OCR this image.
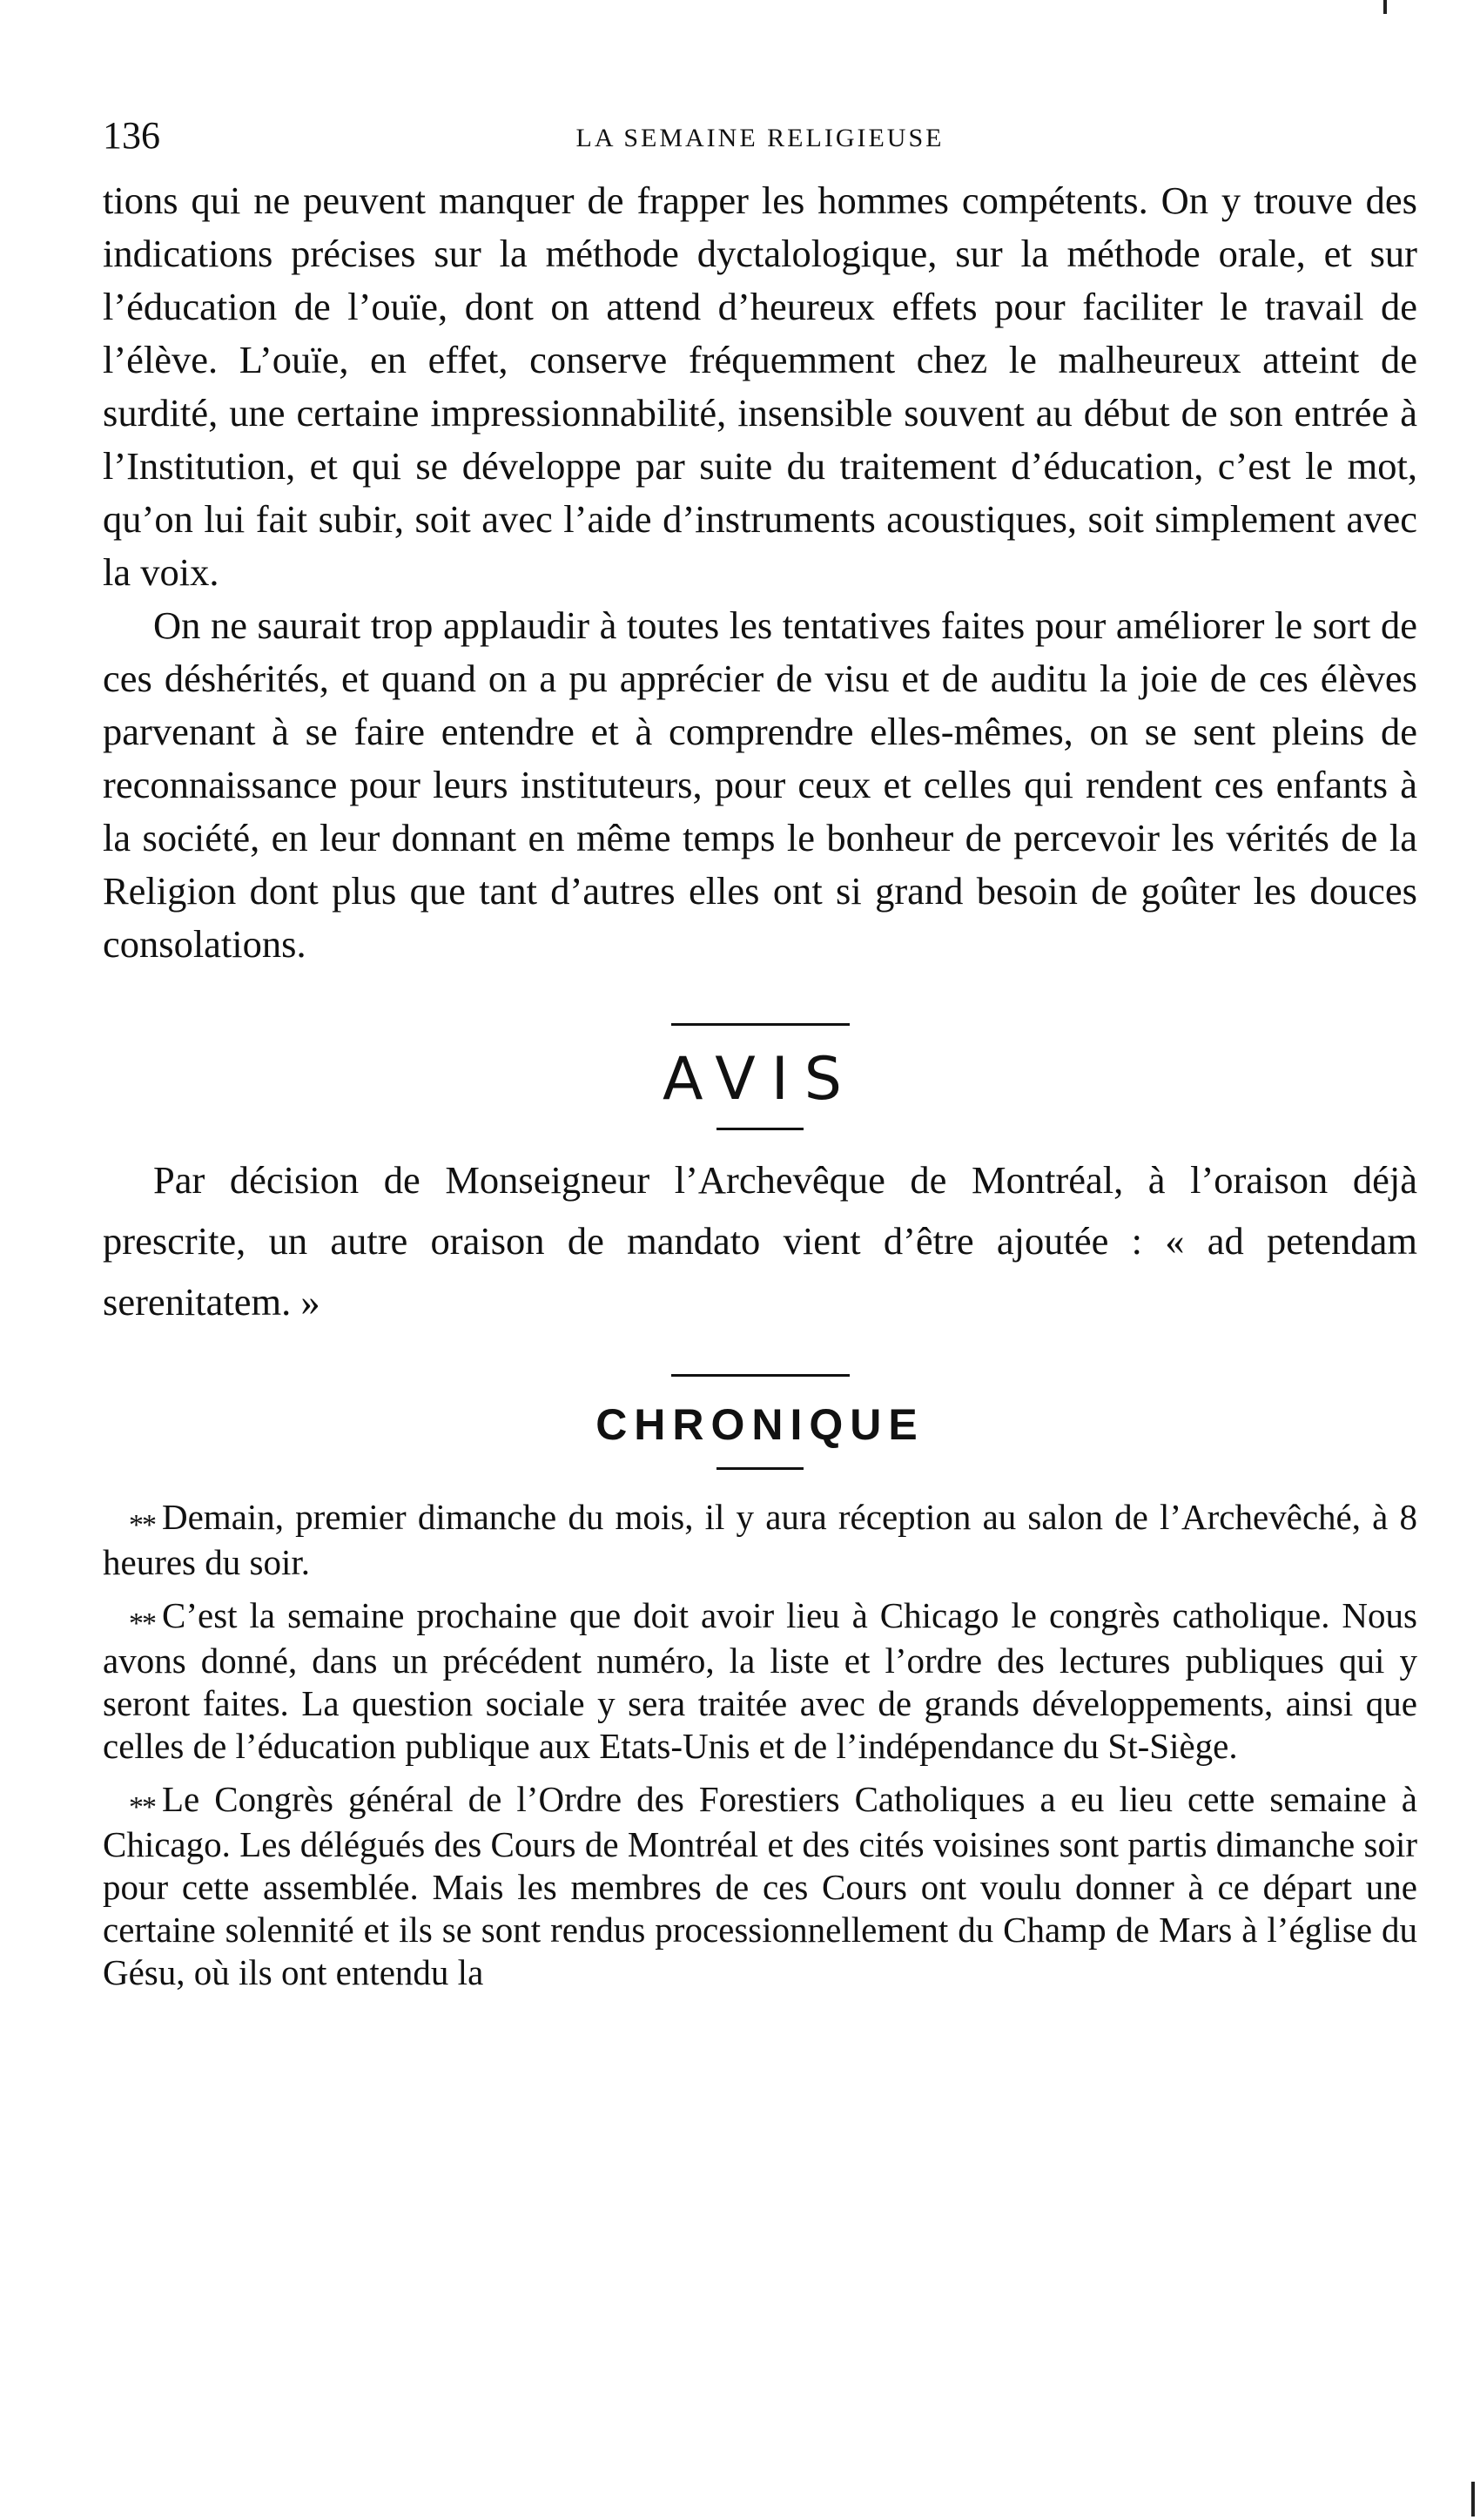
136	LA SEMAINE RELIGIEUSE

tions qui ne peuvent manquer de frapper les hommes compétents. On y trouve des indications précises sur la méthode dyctalologique, sur la méthode orale, et sur l’éducation de l’ouïe, dont on attend d’heureux effets pour faciliter le travail de l’élève. L’ouïe, en effet, conserve fréquemment chez le malheureux atteint de surdité, une certaine impressionnabilité, insensible souvent au début de son entrée à l’Institution, et qui se développe par suite du traitement d’éducation, c’est le mot, qu’on lui fait subir, soit avec l’aide d’instruments acoustiques, soit simplement avec la voix.

On ne saurait trop applaudir à toutes les tentatives faites pour améliorer le sort de ces déshérités, et quand on a pu apprécier de visu et de auditu la joie de ces élèves parvenant à se faire entendre et à comprendre elles-mêmes, on se sent pleins de reconnaissance pour leurs instituteurs, pour ceux et celles qui rendent ces enfants à la société, en leur donnant en même temps le bonheur de percevoir les vérités de la Religion dont plus que tant d’autres elles ont si grand besoin de goûter les douces consolations.

AVIS

Par décision de Monseigneur l’Archevêque de Montréal, à l’oraison déjà prescrite, un autre oraison de mandato vient d’être ajoutée : « ad petendam serenitatem. »

CHRONIQUE

** Demain, premier dimanche du mois, il y aura réception au salon de l’Archevêché, à 8 heures du soir.

** C’est la semaine prochaine que doit avoir lieu à Chicago le congrès catholique. Nous avons donné, dans un précédent numéro, la liste et l’ordre des lectures publiques qui y seront faites. La question sociale y sera traitée avec de grands développements, ainsi que celles de l’éducation publique aux Etats-Unis et de l’indépendance du St-Siège.

** Le Congrès général de l’Ordre des Forestiers Catholiques a eu lieu cette semaine à Chicago. Les délégués des Cours de Montréal et des cités voisines sont partis dimanche soir pour cette assemblée. Mais les membres de ces Cours ont voulu donner à ce départ une certaine solennité et ils se sont rendus processionnellement du Champ de Mars à l’église du Gésu, où ils ont entendu la
